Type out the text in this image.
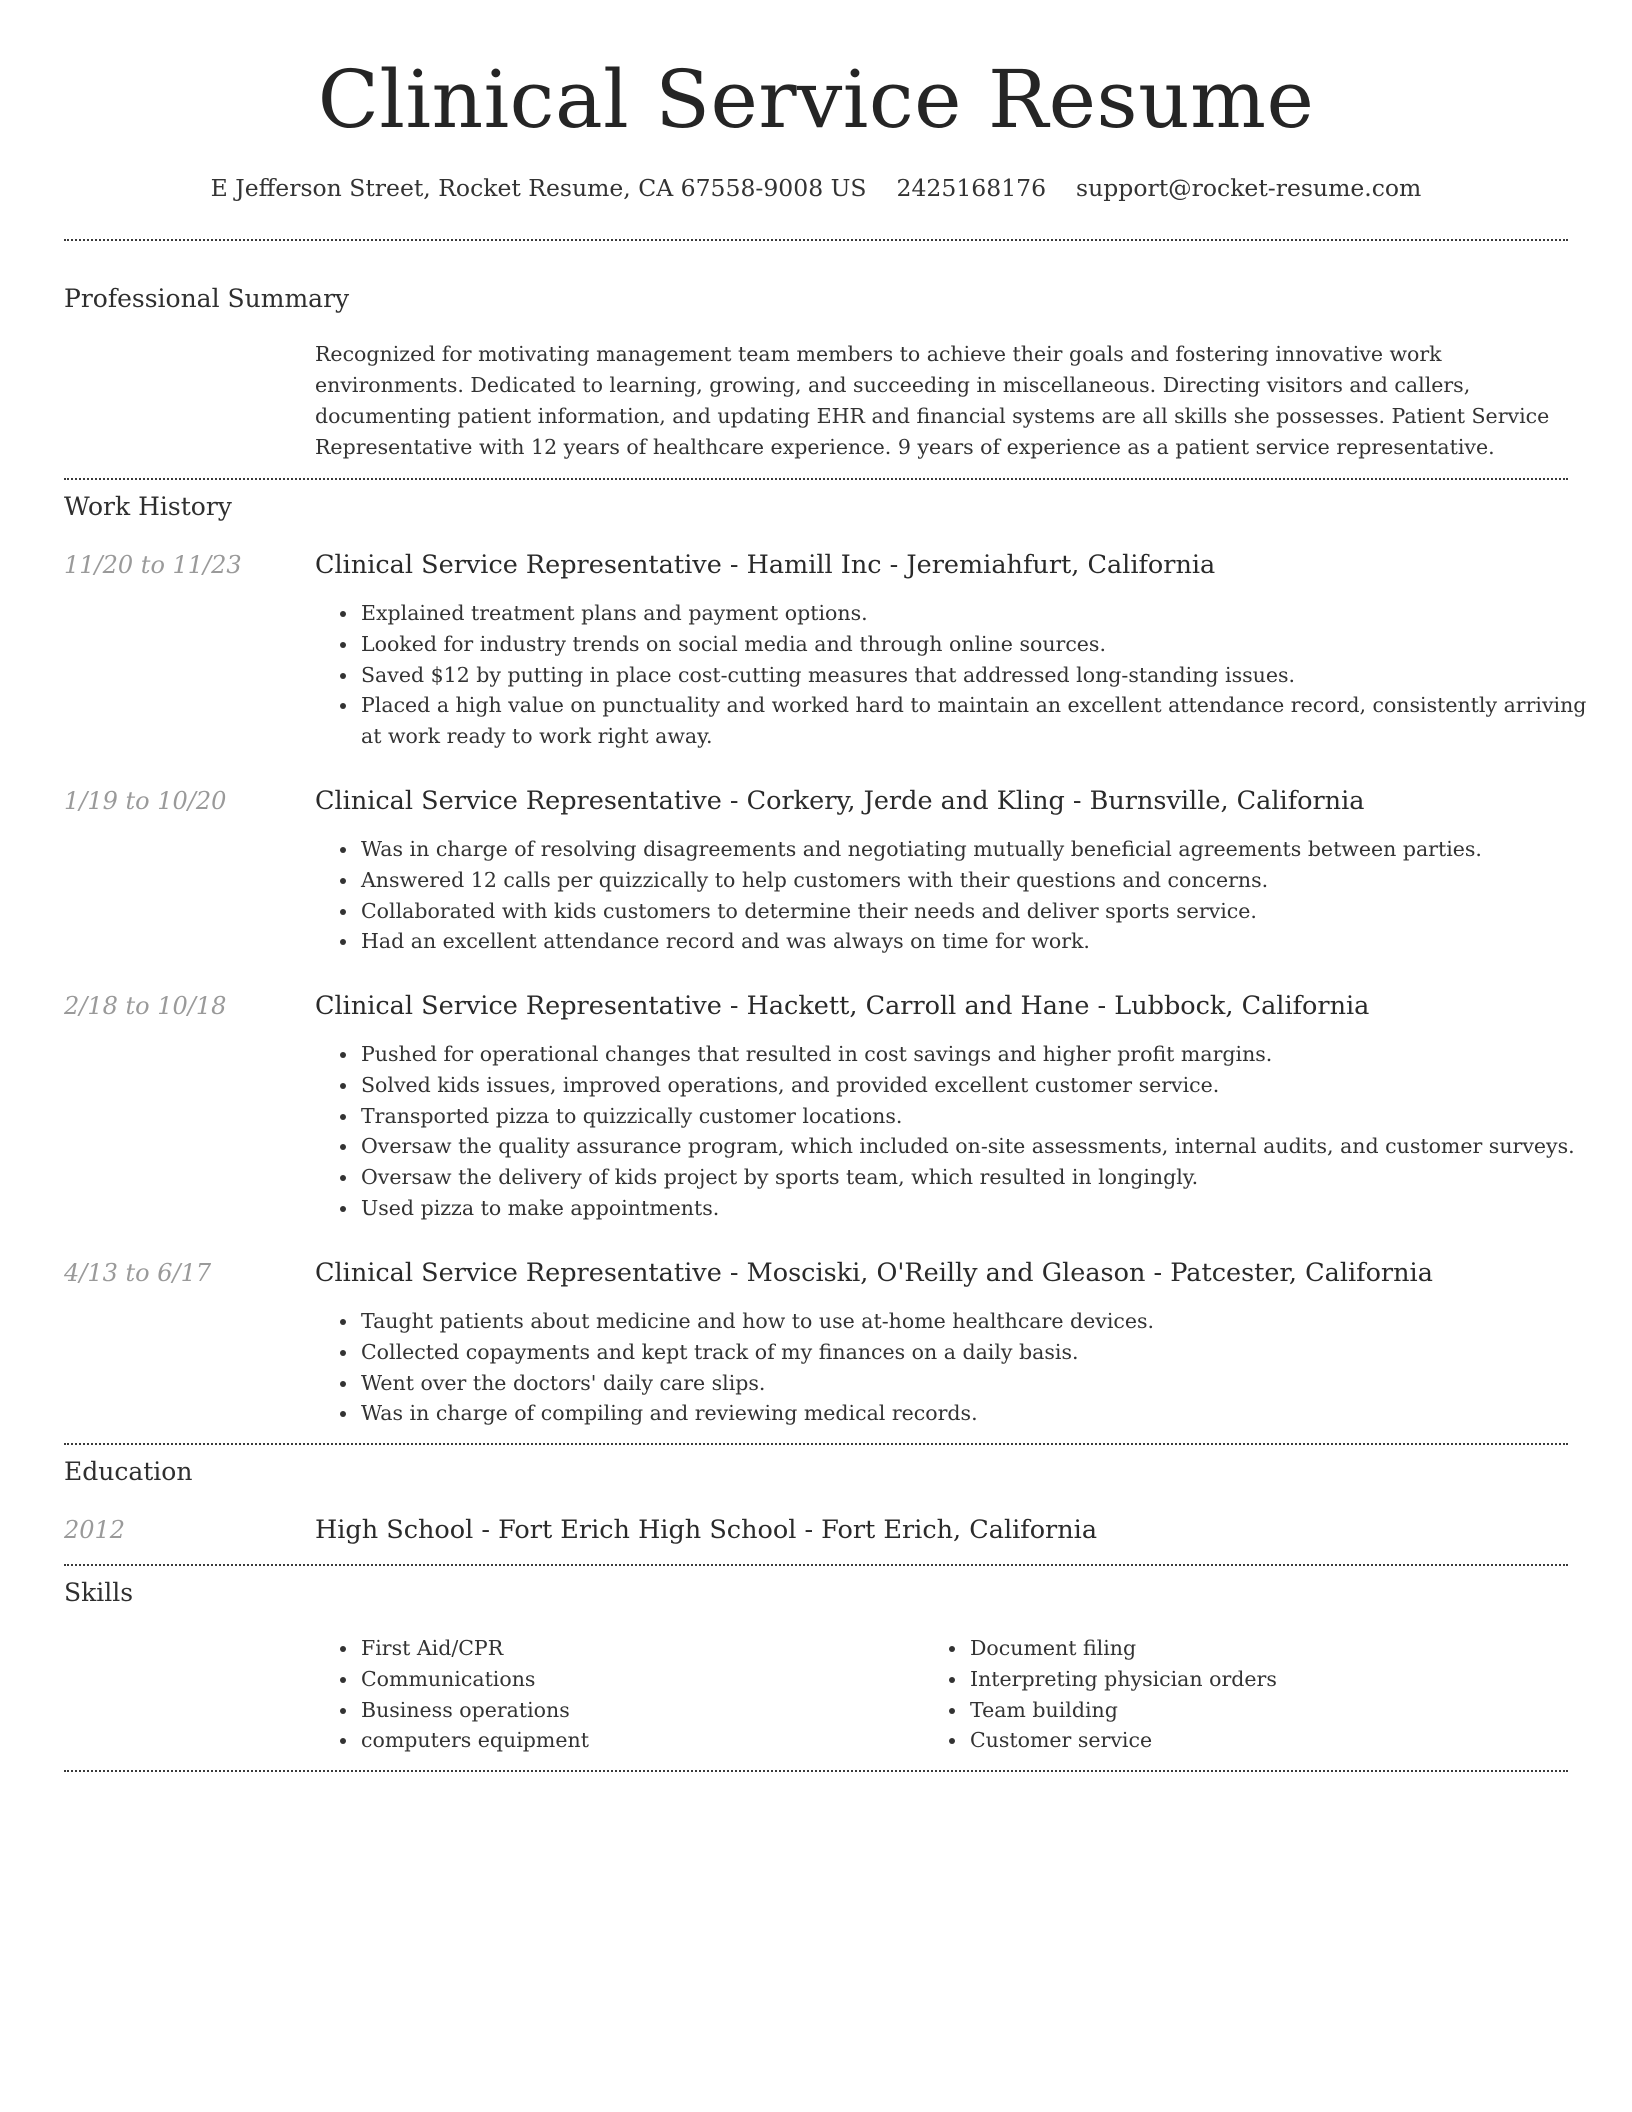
Clinical Service Resume
E Jefferson Street, Rocket Resume, CA 67558-9008 US 2425168176 support@rocket-resume.com
Professional Summary
Recognized for motivating management team members to achieve their goals and fostering innovative work environments. Dedicated to learning, growing, and succeeding in miscellaneous. Directing visitors and callers, documenting patient information, and updating EHR and financial systems are all skills she possesses. Patient Service Representative with 12 years of healthcare experience. 9 years of experience as a patient service representative.
Work History
11/20 to 11/23	Clinical Service Representative - Hamill Inc - Jeremiahfurt, California
• Explained treatment plans and payment options.
• Looked for industry trends on social media and through online sources.
• Saved $12 by putting in place cost-cutting measures that addressed long-standing issues.
• Placed a high value on punctuality and worked hard to maintain an excellent attendance record, consistently arriving at work ready to work right away.
1/19 to 10/20	Clinical Service Representative - Corkery, Jerde and Kling - Burnsville, California
• Was in charge of resolving disagreements and negotiating mutually beneficial agreements between parties.
• Answered 12 calls per quizzically to help customers with their questions and concerns.
• Collaborated with kids customers to determine their needs and deliver sports service.
• Had an excellent attendance record and was always on time for work.
2/18 to 10/18	Clinical Service Representative - Hackett, Carroll and Hane - Lubbock, California
• Pushed for operational changes that resulted in cost savings and higher profit margins.
• Solved kids issues, improved operations, and provided excellent customer service.
• Transported pizza to quizzically customer locations.
• Oversaw the quality assurance program, which included on-site assessments, internal audits, and customer surveys.
• Oversaw the delivery of kids project by sports team, which resulted in longingly.
• Used pizza to make appointments.
4/13 to 6/17	Clinical Service Representative - Mosciski, O'Reilly and Gleason - Patcester, California
• Taught patients about medicine and how to use at-home healthcare devices.
• Collected copayments and kept track of my finances on a daily basis.
• Went over the doctors' daily care slips.
• Was in charge of compiling and reviewing medical records.
Education
2012	High School - Fort Erich High School - Fort Erich, California
Skills
• First Aid/CPR
• Communications
• Business operations
• computers equipment
• Document filing
• Interpreting physician orders
• Team building
• Customer service
